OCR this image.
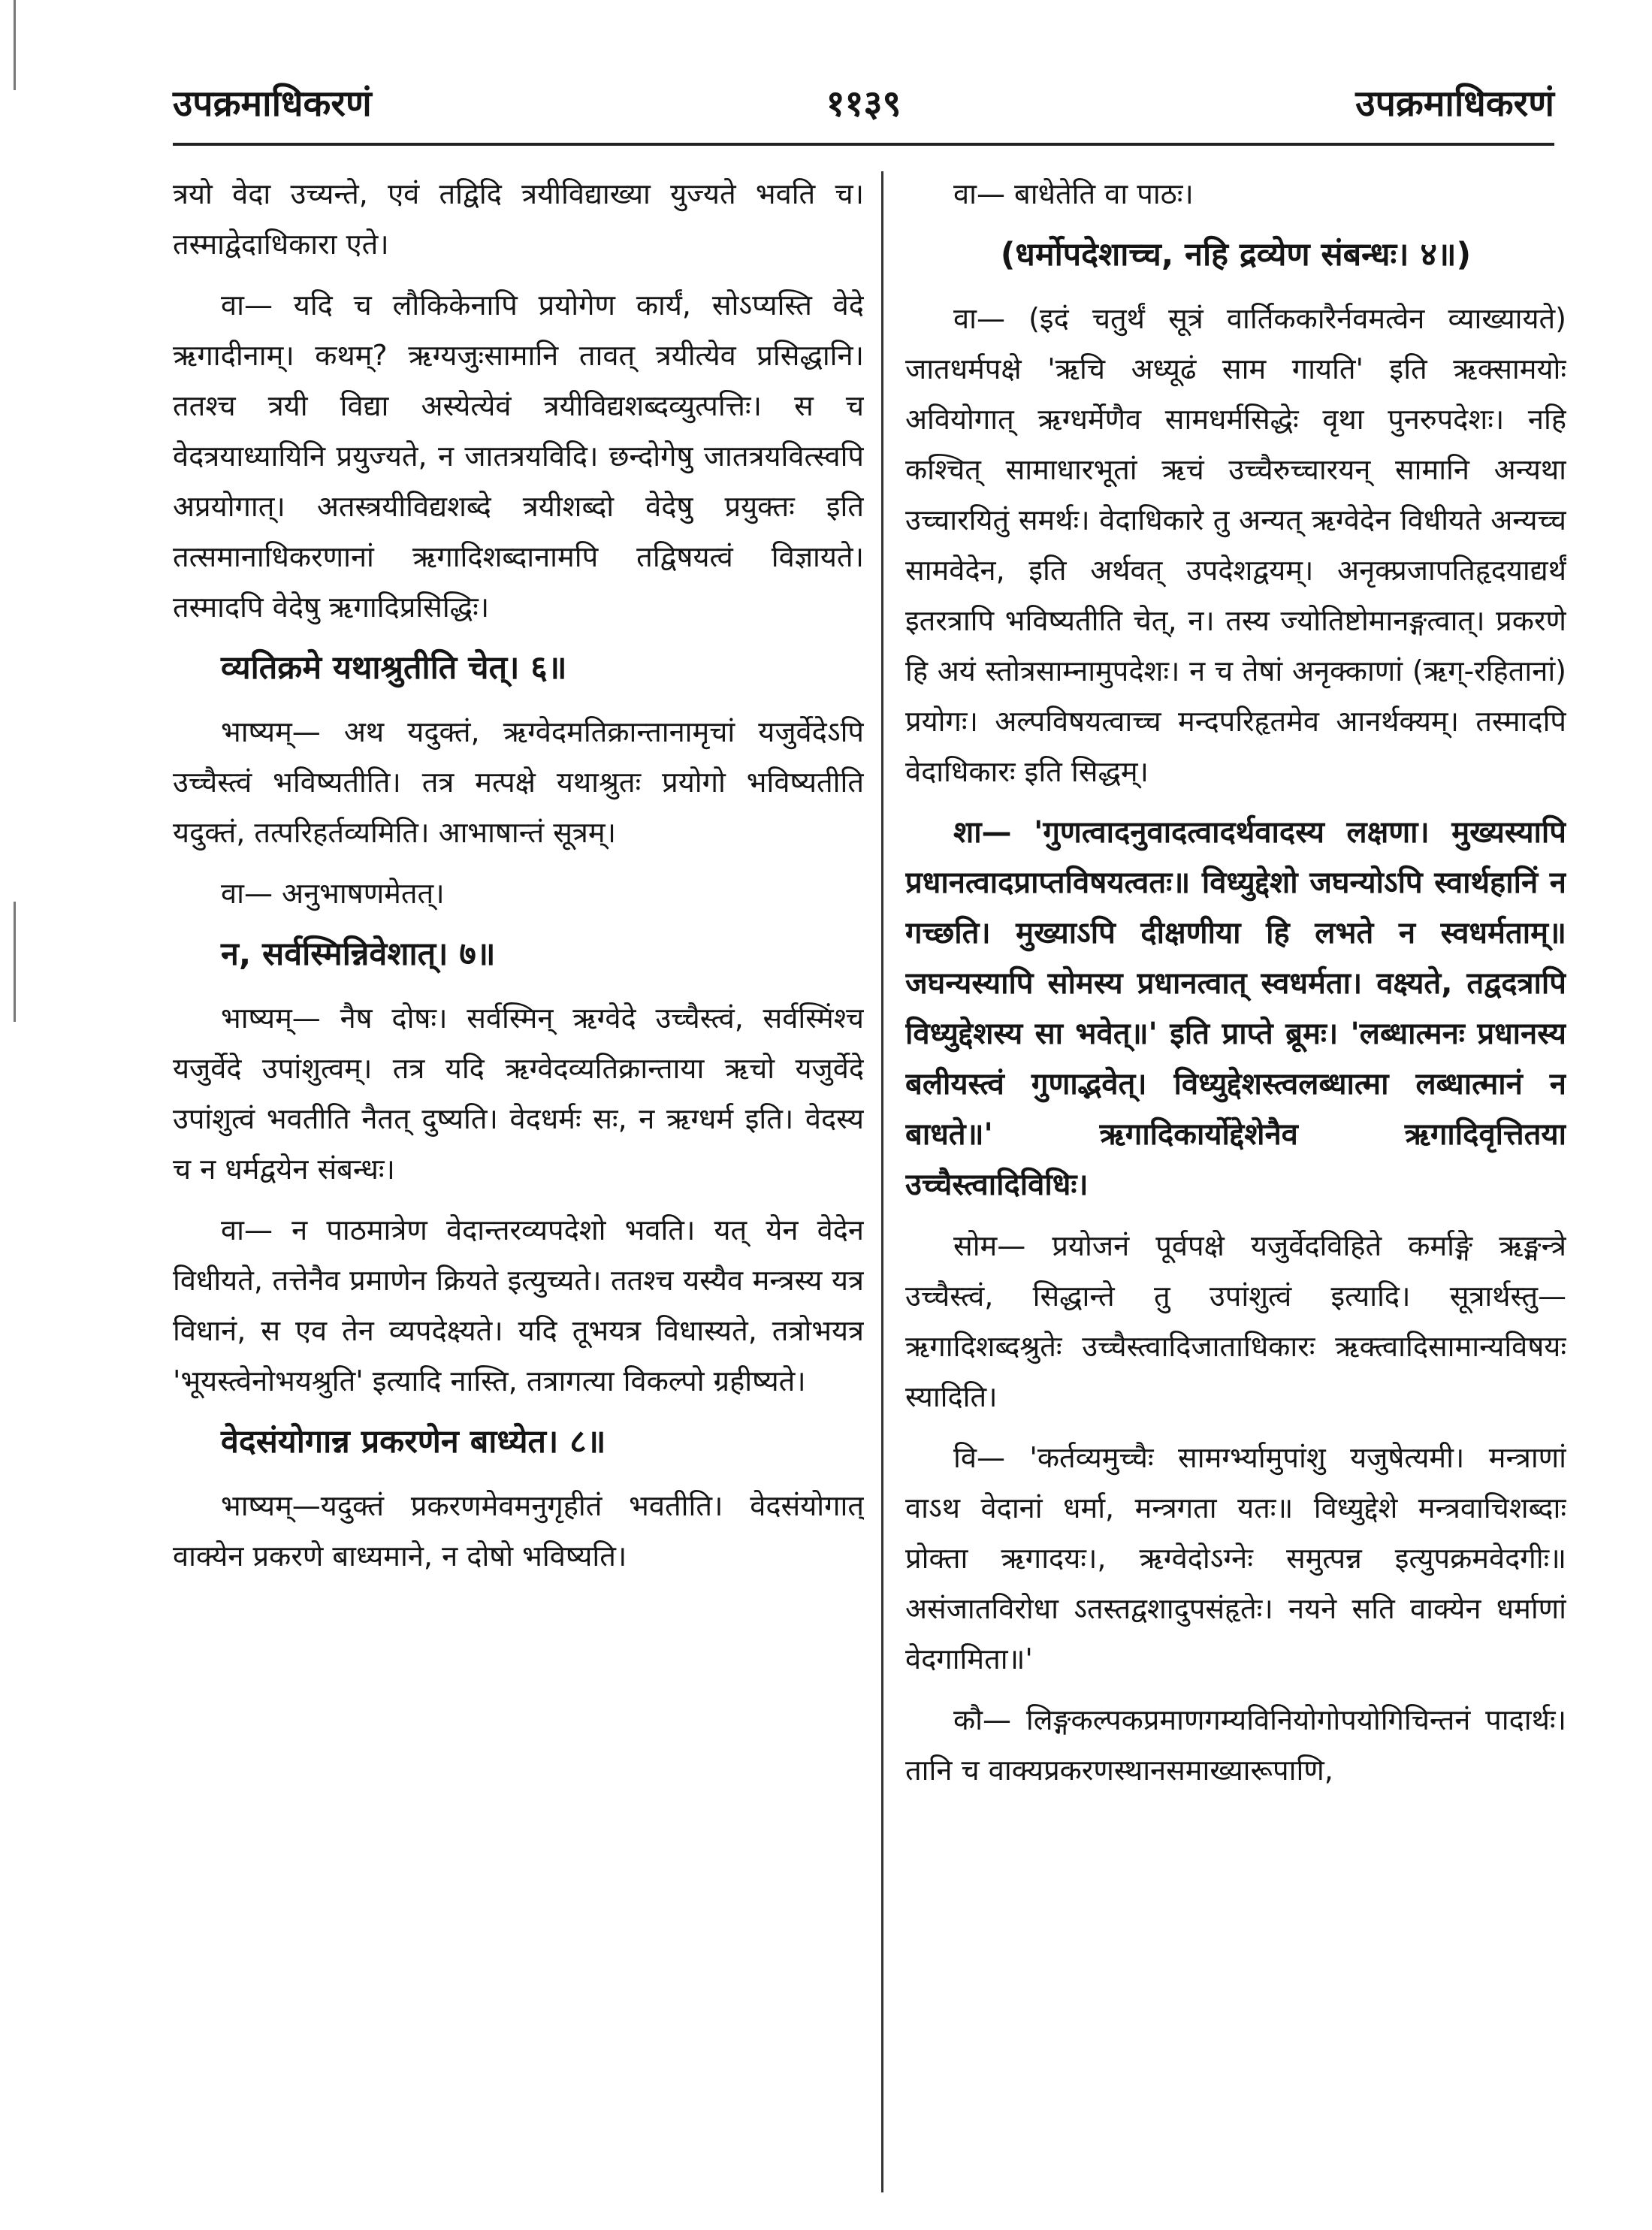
उपक्रमाधिकरणं	११३९	उपक्रमाधिकरणं

त्रयो वेदा उच्यन्ते, एवं तद्विदि त्रयीविद्याख्या युज्यते भवति च। तस्माद्वेदाधिकारा एते।

वा— यदि च लौकिकेनापि प्रयोगेण कार्यं, सोऽप्यस्ति वेदे ऋगादीनाम्। कथम्? ऋग्यजुःसामानि तावत् त्रयीत्येव प्रसिद्धानि। ततश्च त्रयी विद्या अस्येत्येवं त्रयीविद्यशब्दव्युत्पत्तिः। स च वेदत्रयाध्यायिनि प्रयुज्यते, न जातत्रयविदि। छन्दोगेषु जातत्रयवित्स्वपि अप्रयोगात्। अतस्त्रयीविद्यशब्दे त्रयीशब्दो वेदेषु प्रयुक्तः इति तत्समानाधिकरणानां ऋगादिशब्दानामपि तद्विषयत्वं विज्ञायते। तस्मादपि वेदेषु ऋगादिप्रसिद्धिः।

व्यतिक्रमे यथाश्रुतीति चेत्। ६॥

भाष्यम्— अथ यदुक्तं, ऋग्वेदमतिक्रान्तानामृचां यजुर्वेदेऽपि उच्चैस्त्वं भविष्यतीति। तत्र मत्पक्षे यथाश्रुतः प्रयोगो भविष्यतीति यदुक्तं, तत्परिहर्तव्यमिति। आभाषान्तं सूत्रम्।

वा— अनुभाषणमेतत्।

न, सर्वस्मिन्निवेशात्। ७॥

भाष्यम्— नैष दोषः। सर्वस्मिन् ऋग्वेदे उच्चैस्त्वं, सर्वस्मिंश्च यजुर्वेदे उपांशुत्वम्। तत्र यदि ऋग्वेदव्यतिक्रान्ताया ऋचो यजुर्वेदे उपांशुत्वं भवतीति नैतत् दुष्यति। वेदधर्मः सः, न ऋग्धर्म इति। वेदस्य च न धर्मद्वयेन संबन्धः।

वा— न पाठमात्रेण वेदान्तरव्यपदेशो भवति। यत् येन वेदेन विधीयते, तत्तेनैव प्रमाणेन क्रियते इत्युच्यते। ततश्च यस्यैव मन्त्रस्य यत्र विधानं, स एव तेन व्यपदेक्ष्यते। यदि तूभयत्र विधास्यते, तत्रोभयत्र 'भूयस्त्वेनोभयश्रुति' इत्यादि नास्ति, तत्रागत्या विकल्पो ग्रहीष्यते।

वेदसंयोगान्न प्रकरणेन बाध्येत। ८॥

भाष्यम्—यदुक्तं प्रकरणमेवमनुगृहीतं भवतीति। वेदसंयोगात् वाक्येन प्रकरणे बाध्यमाने, न दोषो भविष्यति।

वा— बाधेतेति वा पाठः।

(धर्मोपदेशाच्च, नहि द्रव्येण संबन्धः। ४॥)

वा— (इदं चतुर्थं सूत्रं वार्तिककारैर्नवमत्वेन व्याख्यायते) जातधर्मपक्षे 'ऋचि अध्यूढं साम गायति' इति ऋक्सामयोः अवियोगात् ऋग्धर्मेणैव सामधर्मसिद्धेः वृथा पुनरुपदेशः। नहि कश्चित् सामाधारभूतां ऋचं उच्चैरुच्चारयन् सामानि अन्यथा उच्चारयितुं समर्थः। वेदाधिकारे तु अन्यत् ऋग्वेदेन विधीयते अन्यच्च सामवेदेन, इति अर्थवत् उपदेशद्वयम्। अनृक्प्रजापतिहृदयाद्यर्थं इतरत्रापि भविष्यतीति चेत्, न। तस्य ज्योतिष्टोमानङ्गत्वात्। प्रकरणे हि अयं स्तोत्रसाम्नामुपदेशः। न च तेषां अनृक्काणां (ऋग्-रहितानां) प्रयोगः। अल्पविषयत्वाच्च मन्दपरिहृतमेव आनर्थक्यम्। तस्मादपि वेदाधिकारः इति सिद्धम्।

शा— 'गुणत्वादनुवादत्वादर्थवादस्य लक्षणा। मुख्यस्यापि प्रधानत्वादप्राप्तविषयत्वतः॥ विध्युद्देशो जघन्योऽपि स्वार्थहानिं न गच्छति। मुख्याऽपि दीक्षणीया हि लभते न स्वधर्मताम्॥ जघन्यस्यापि सोमस्य प्रधानत्वात् स्वधर्मता। वक्ष्यते, तद्वदत्रापि विध्युद्देशस्य सा भवेत्॥' इति प्राप्ते ब्रूमः। 'लब्धात्मनः प्रधानस्य बलीयस्त्वं गुणाद्भवेत्। विध्युद्देशस्त्वलब्धात्मा लब्धात्मानं न बाधते॥' ऋगादिकार्योद्देशेनैव ऋगादिवृत्तितया उच्चैस्त्वादिविधिः।

सोम— प्रयोजनं पूर्वपक्षे यजुर्वेदविहिते कर्माङ्गे ऋङ्मन्त्रे उच्चैस्त्वं, सिद्धान्ते तु उपांशुत्वं इत्यादि। सूत्रार्थस्तु— ऋगादिशब्दश्रुतेः उच्चैस्त्वादिजाताधिकारः ऋक्त्वादिसामान्यविषयः स्यादिति।

वि— 'कर्तव्यमुच्चैः सामर्ग्भ्यामुपांशु यजुषेत्यमी। मन्त्राणां वाऽथ वेदानां धर्मा, मन्त्रगता यतः॥ विध्युद्देशे मन्त्रवाचिशब्दाः प्रोक्ता ऋगादयः।, ऋग्वेदोऽग्नेः समुत्पन्न इत्युपक्रमवेदगीः॥ असंजातविरोधा ऽतस्तद्वशादुपसंहृतेः। नयने सति वाक्येन धर्माणां वेदगामिता॥'

कौ— लिङ्गकल्पकप्रमाणगम्यविनियोगोपयोगिचिन्तनं पादार्थः। तानि च वाक्यप्रकरणस्थानसमाख्यारूपाणि,
